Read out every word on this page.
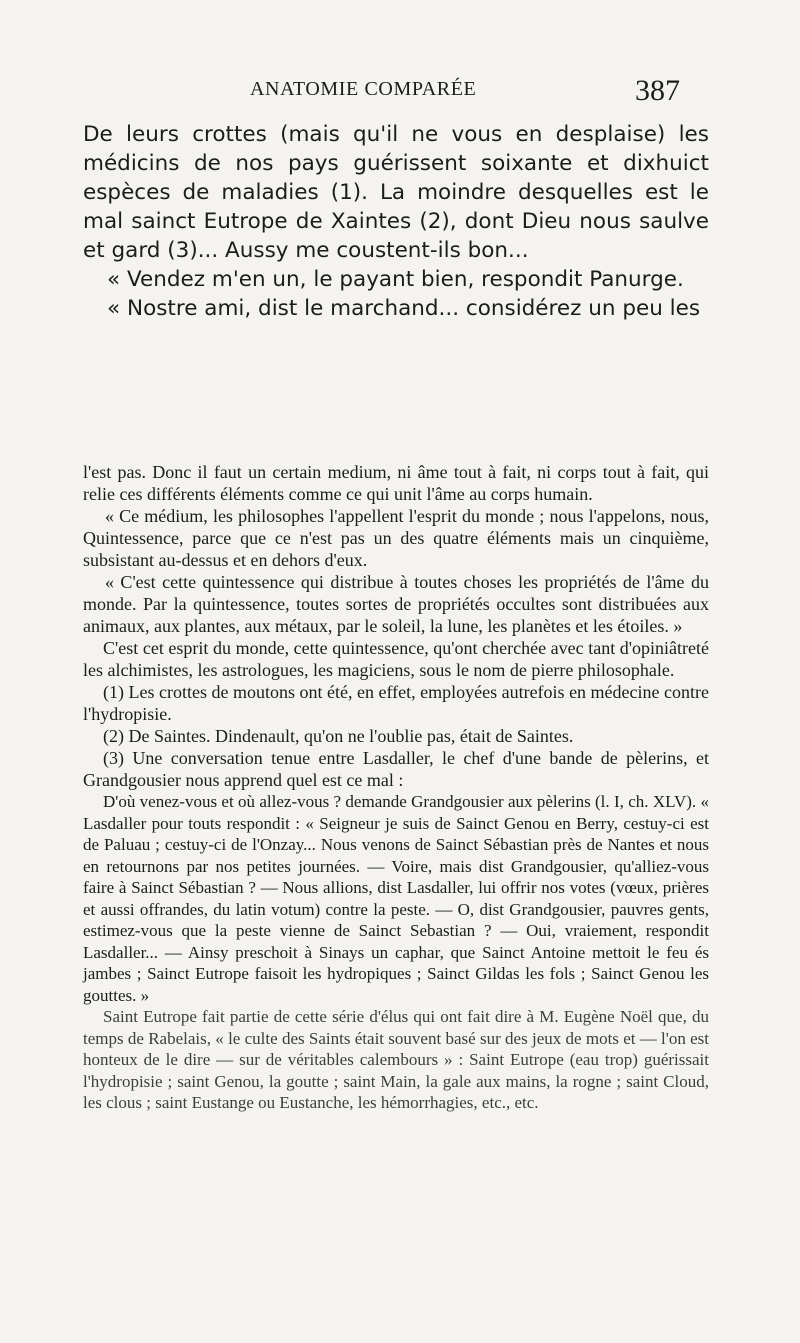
ANATOMIE COMPARÉE	387

De leurs crottes (mais qu'il ne vous en desplaise) les médicins de nos pays guérissent soixante et dixhuict espèces de maladies (1). La moindre desquelles est le mal sainct Eutrope de Xaintes (2), dont Dieu nous saulve et gard (3)... Aussy me coustent-ils bon...

« Vendez m'en un, le payant bien, respondit Panurge.

« Nostre ami, dist le marchand... considérez un peu les

l'est pas. Donc il faut un certain medium, ni âme tout à fait, ni corps tout à fait, qui relie ces différents éléments comme ce qui unit l'âme au corps humain.

« Ce médium, les philosophes l'appellent l'esprit du monde ; nous l'appelons, nous, Quintessence, parce que ce n'est pas un des quatre éléments mais un cinquième, subsistant au-dessus et en dehors d'eux.

« C'est cette quintessence qui distribue à toutes choses les propriétés de l'âme du monde. Par la quintessence, toutes sortes de propriétés occultes sont distribuées aux animaux, aux plantes, aux métaux, par le soleil, la lune, les planètes et les étoiles. »

C'est cet esprit du monde, cette quintessence, qu'ont cherchée avec tant d'opiniâtreté les alchimistes, les astrologues, les magiciens, sous le nom de pierre philosophale.

(1) Les crottes de moutons ont été, en effet, employées autrefois en médecine contre l'hydropisie.

(2) De Saintes. Dindenault, qu'on ne l'oublie pas, était de Saintes.

(3) Une conversation tenue entre Lasdaller, le chef d'une bande de pèlerins, et Grandgousier nous apprend quel est ce mal :

D'où venez-vous et où allez-vous ? demande Grandgousier aux pèlerins (l. I, ch. XLV). « Lasdaller pour touts respondit : « Seigneur je suis de Sainct Genou en Berry, cestuy-ci est de Paluau ; cestuy-ci de l'Onzay... Nous venons de Sainct Sébastian près de Nantes et nous en retournons par nos petites journées. — Voire, mais dist Grandgousier, qu'alliez-vous faire à Sainct Sébastian ? — Nous allions, dist Lasdaller, lui offrir nos votes (vœux, prières et aussi offrandes, du latin votum) contre la peste. — O, dist Grandgousier, pauvres gents, estimez-vous que la peste vienne de Sainct Sebastian ? — Oui, vraiement, respondit Lasdaller... — Ainsy preschoit à Sinays un caphar, que Sainct Antoine mettoit le feu és jambes ; Sainct Eutrope faisoit les hydropiques ; Sainct Gildas les fols ; Sainct Genou les gouttes. »

Saint Eutrope fait partie de cette série d'élus qui ont fait dire à M. Eugène Noël que, du temps de Rabelais, « le culte des Saints était souvent basé sur des jeux de mots et — l'on est honteux de le dire — sur de véritables calembours » : Saint Eutrope (eau trop) guérissait l'hydropisie ; saint Genou, la goutte ; saint Main, la gale aux mains, la rogne ; saint Cloud, les clous ; saint Eustange ou Eustanche, les hémorrhagies, etc., etc.
